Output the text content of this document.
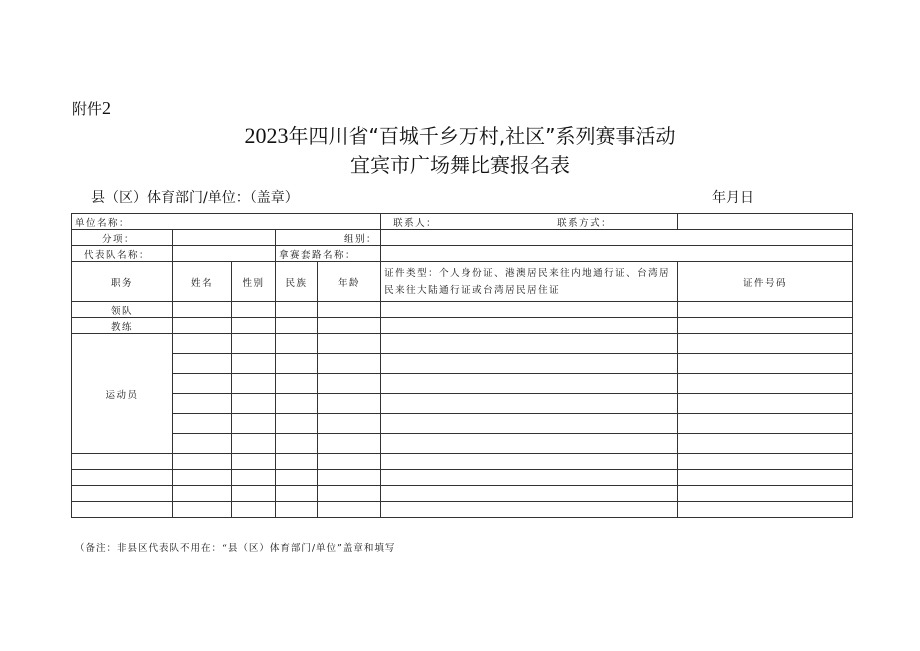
附件2
2023年四川省“百城千乡万村,社区”系列赛事活动
宜宾市广场舞比赛报名表
县（区）体育部门/单位：（盖章）	年月日
单位名称：					联系人： 联系方式：	
分项：			组别：			
代表队名称：			拿赛套路名称：			
职务	姓名	性别	民族	年龄	证件类型：个人身份证、港澳居民来往内地通行证、台湾居民来往大陆通行证或台湾居民居住证	证件号码
领队						
教练						
运动员						

（备注：非县区代表队不用在：“县（区）体育部门/单位”盖章和填写
